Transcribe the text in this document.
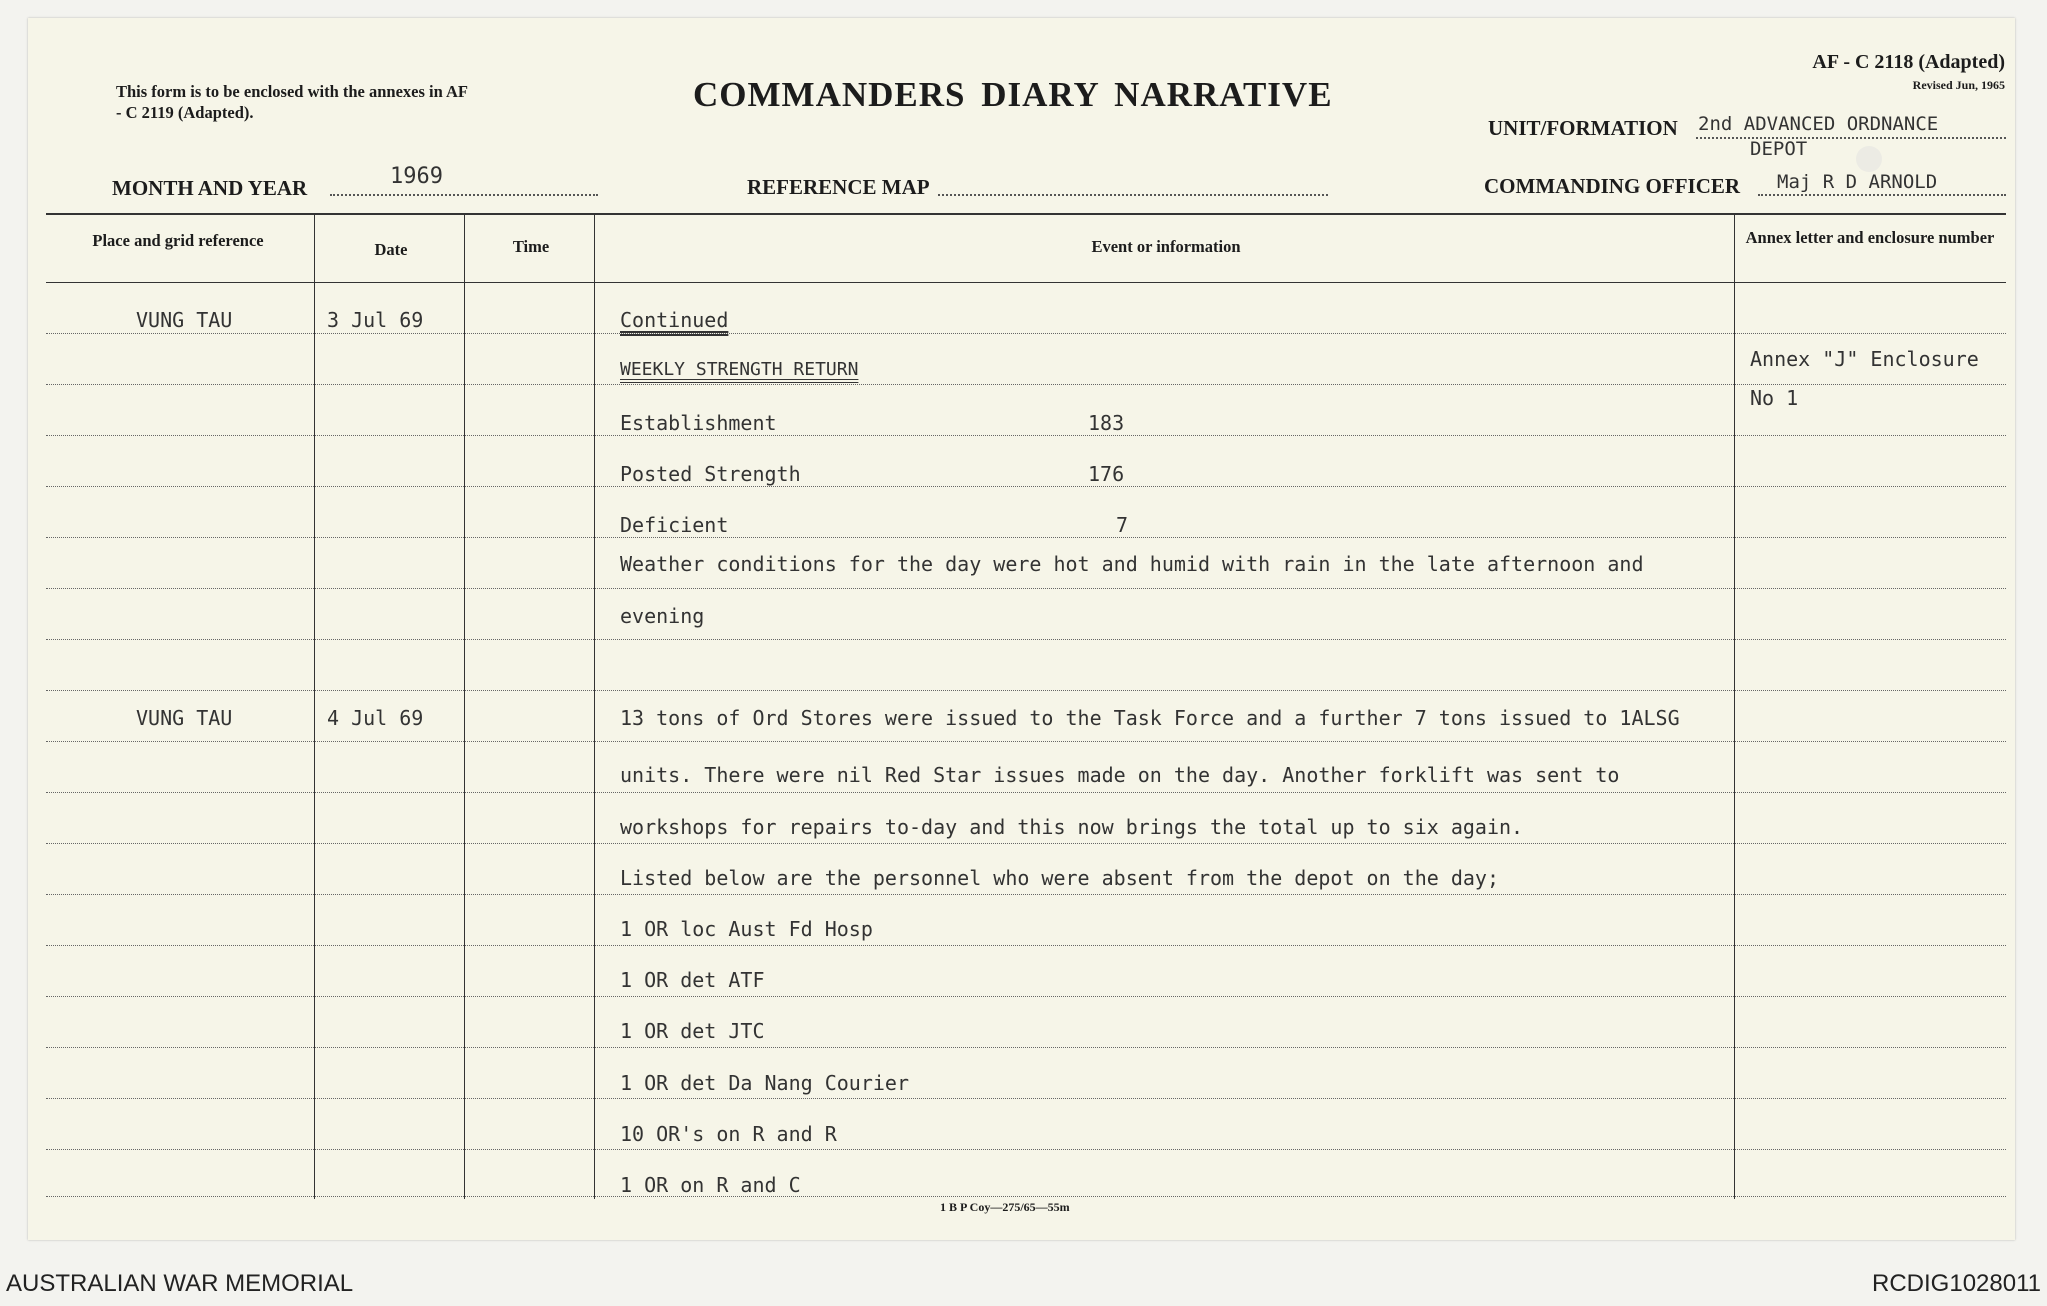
This form is to be enclosed with the annexes in AF - C 2119 (Adapted).	COMMANDERS DIARY NARRATIVE
AF - C 2118 (Adapted)
Revised Jun, 1965
UNIT/FORMATION 2nd ADVANCED ORDNANCE
DEPOT
MONTH AND YEAR	1969	REFERENCE MAP	COMMANDING OFFICER Maj R D ARNOLD
Place and grid reference	Date	Time	Event or information	Annex letter and enclosure number
VUNG TAU	3 Jul 69	Continued
WEEKLY STRENGTH RETURN	Annex "J" Enclosure
No 1
Establishment	183
Posted Strength	176
Deficient	7
Weather conditions for the day were hot and humid with rain in the late afternoon and
evening
VUNG TAU	4 Jul 69	13 tons of Ord Stores were issued to the Task Force and a further 7 tons issued to 1ALSG
units. There were nil Red Star issues made on the day. Another forklift was sent to
workshops for repairs to-day and this now brings the total up to six again.
Listed below are the personnel who were absent from the depot on the day;
1 OR loc Aust Fd Hosp
1 OR det ATF
1 OR det JTC
1 OR det Da Nang Courier
10 OR's on R and R
1 OR on R and C
1 B P Coy—275/65—55m
AUSTRALIAN WAR MEMORIAL	RCDIG1028011
